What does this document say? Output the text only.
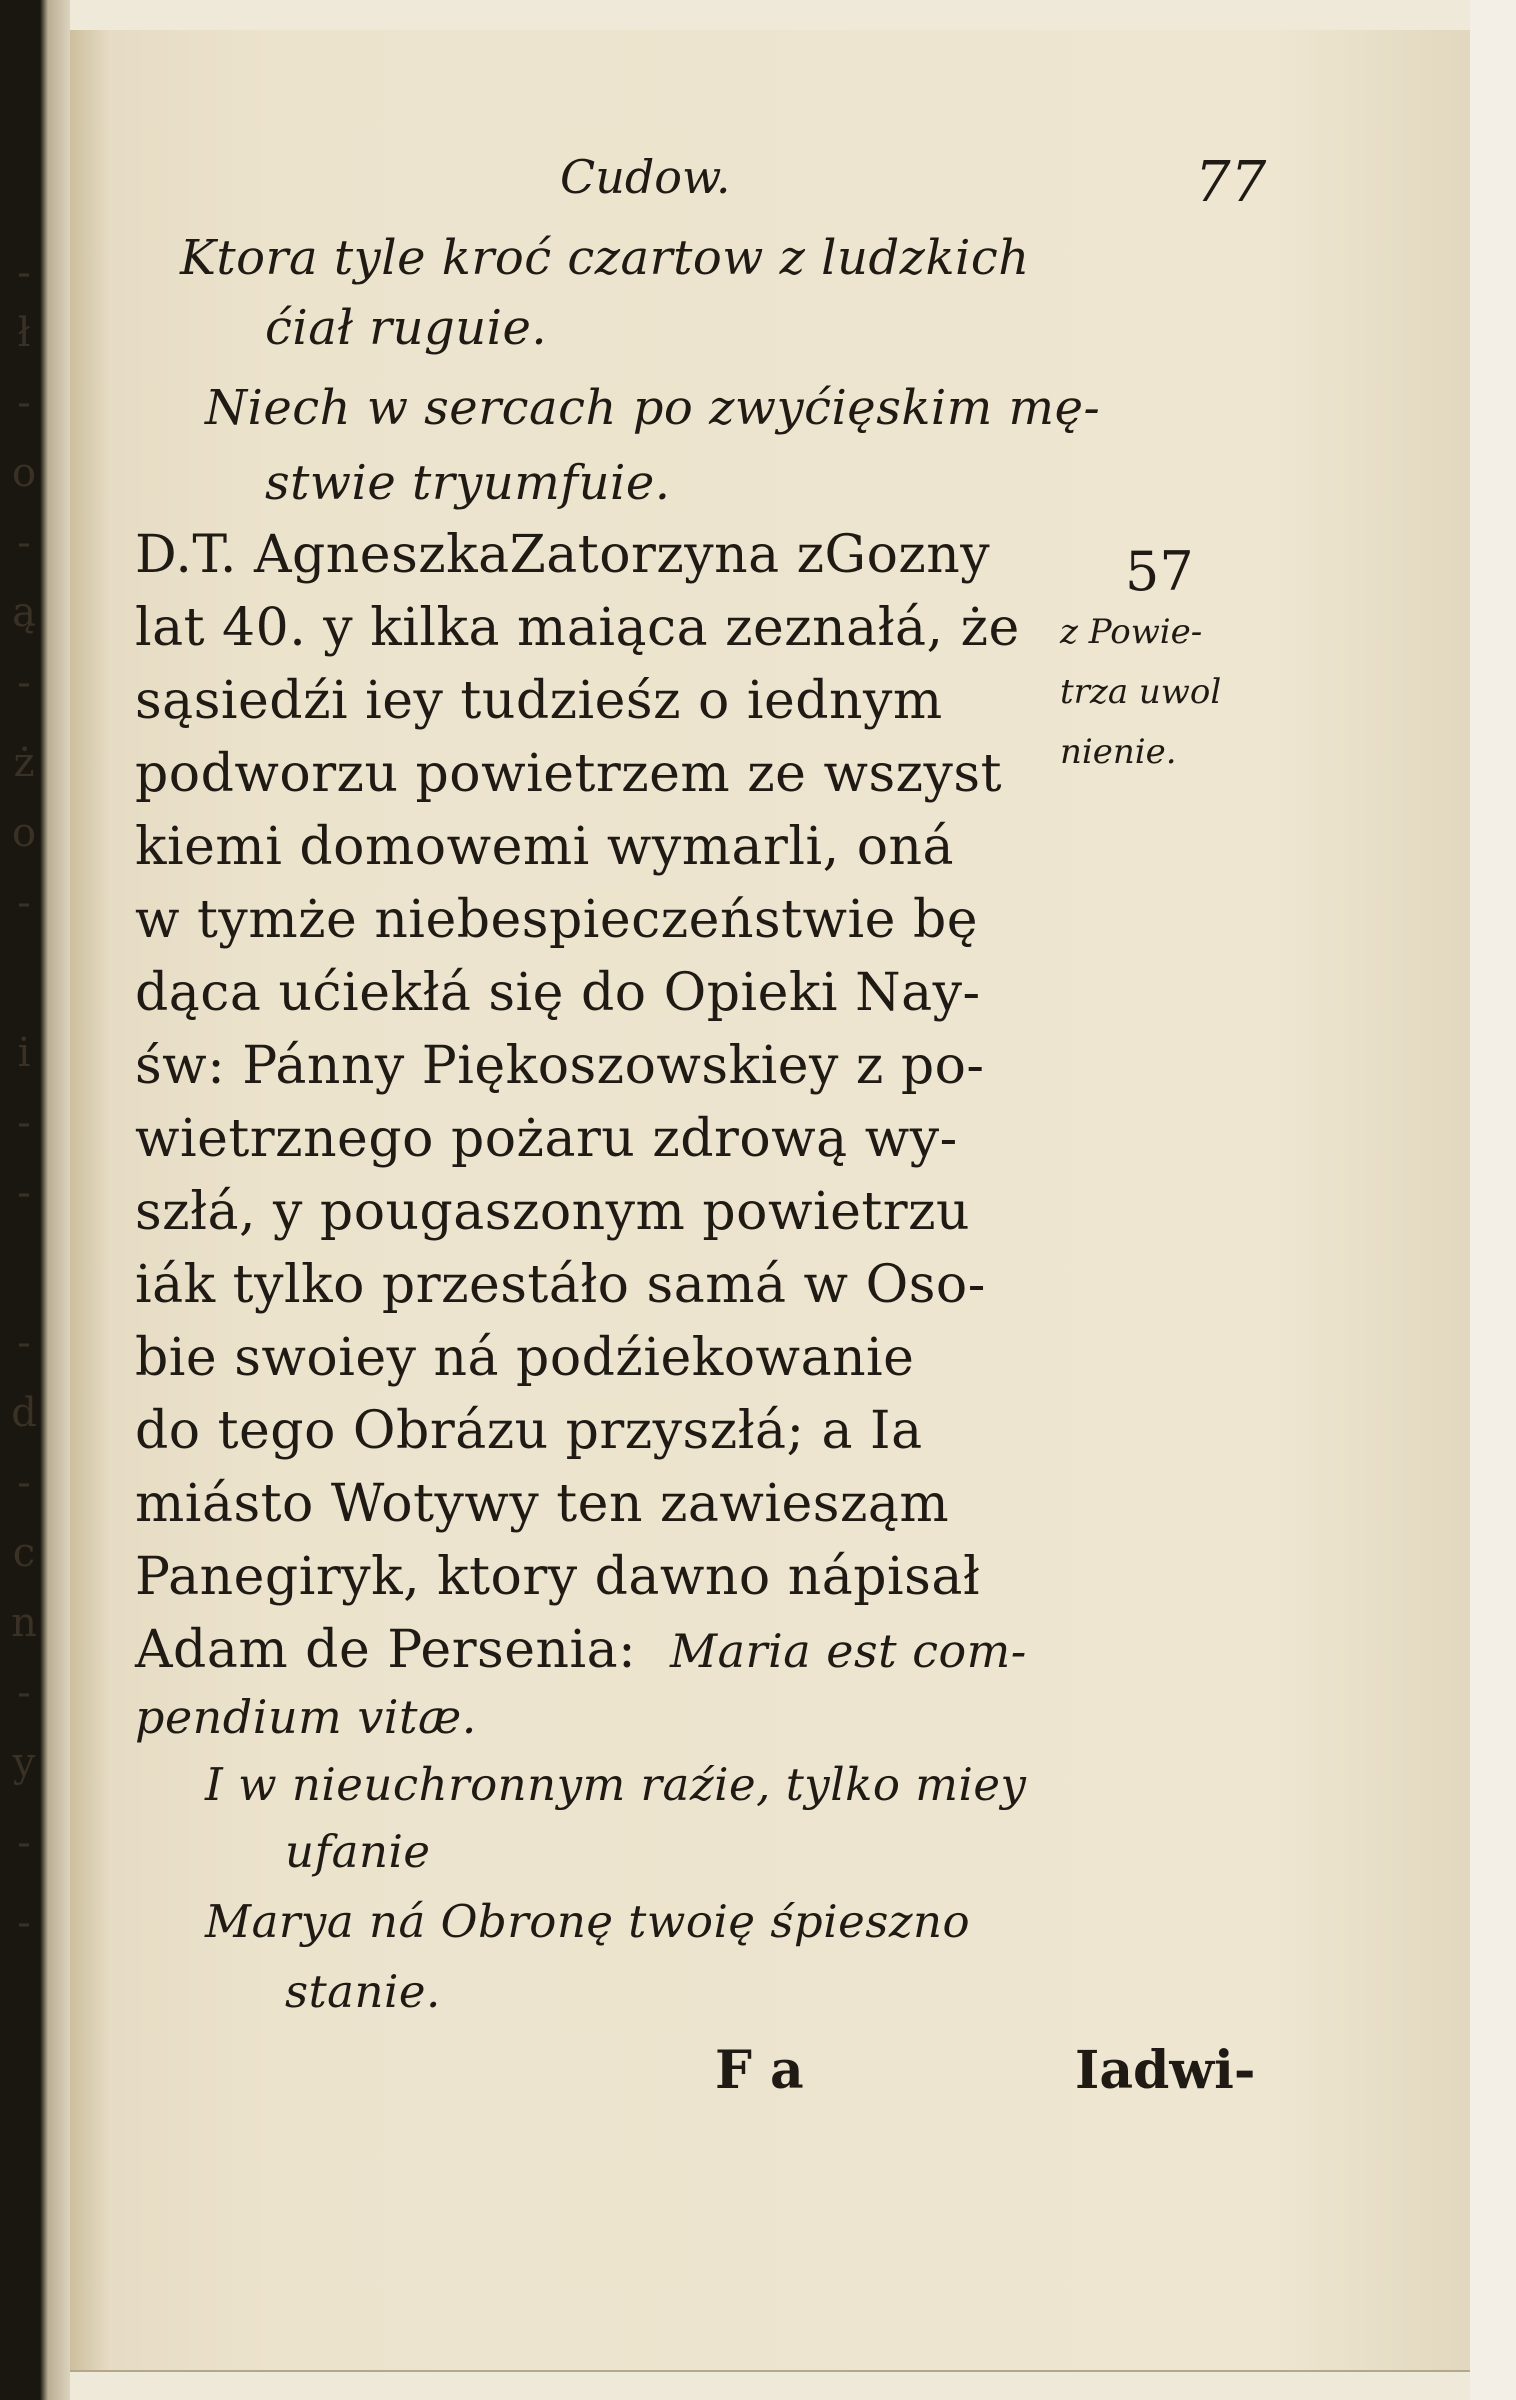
-
ł
-
o
-
ą
-
ż
o
-
i
-
-
-
d
-
c
n
-
y
-
-
Cudow.	77
Ktora tyle kroć czartow z ludzkich
ćiał ruguie.
Niech w sercach po zwyćięskim mę-
stwie tryumfuie.
D.T. AgneszkaZatorzyna zGozny
lat 40. y kilka maiąca zeznałá, że
sąsiedźi iey tudzieśz o iednym
podworzu powietrzem ze wszyst
kiemi domowemi wymarli, oná
w tymże niebespieczeństwie bę
dąca ućiekłá się do Opieki Nay-
św: Pánny Piękoszowskiey z po-
wietrznego pożaru zdrową wy-
szłá, y pougaszonym powietrzu
iák tylko przestáło samá w Oso-
bie swoiey ná podźiekowanie
do tego Obrázu przyszłá; a Ia
miásto Wotywy ten zawiesząm
Panegiryk, ktory dawno nápisał
Adam de Persenia: Maria est com-
pendium vitæ.
I w nieuchronnym raźie, tylko miey
ufanie
Marya ná Obronę twoię śpieszno
stanie.
57
z Powie-
trza uwol
nienie.
F a	Iadwi-
